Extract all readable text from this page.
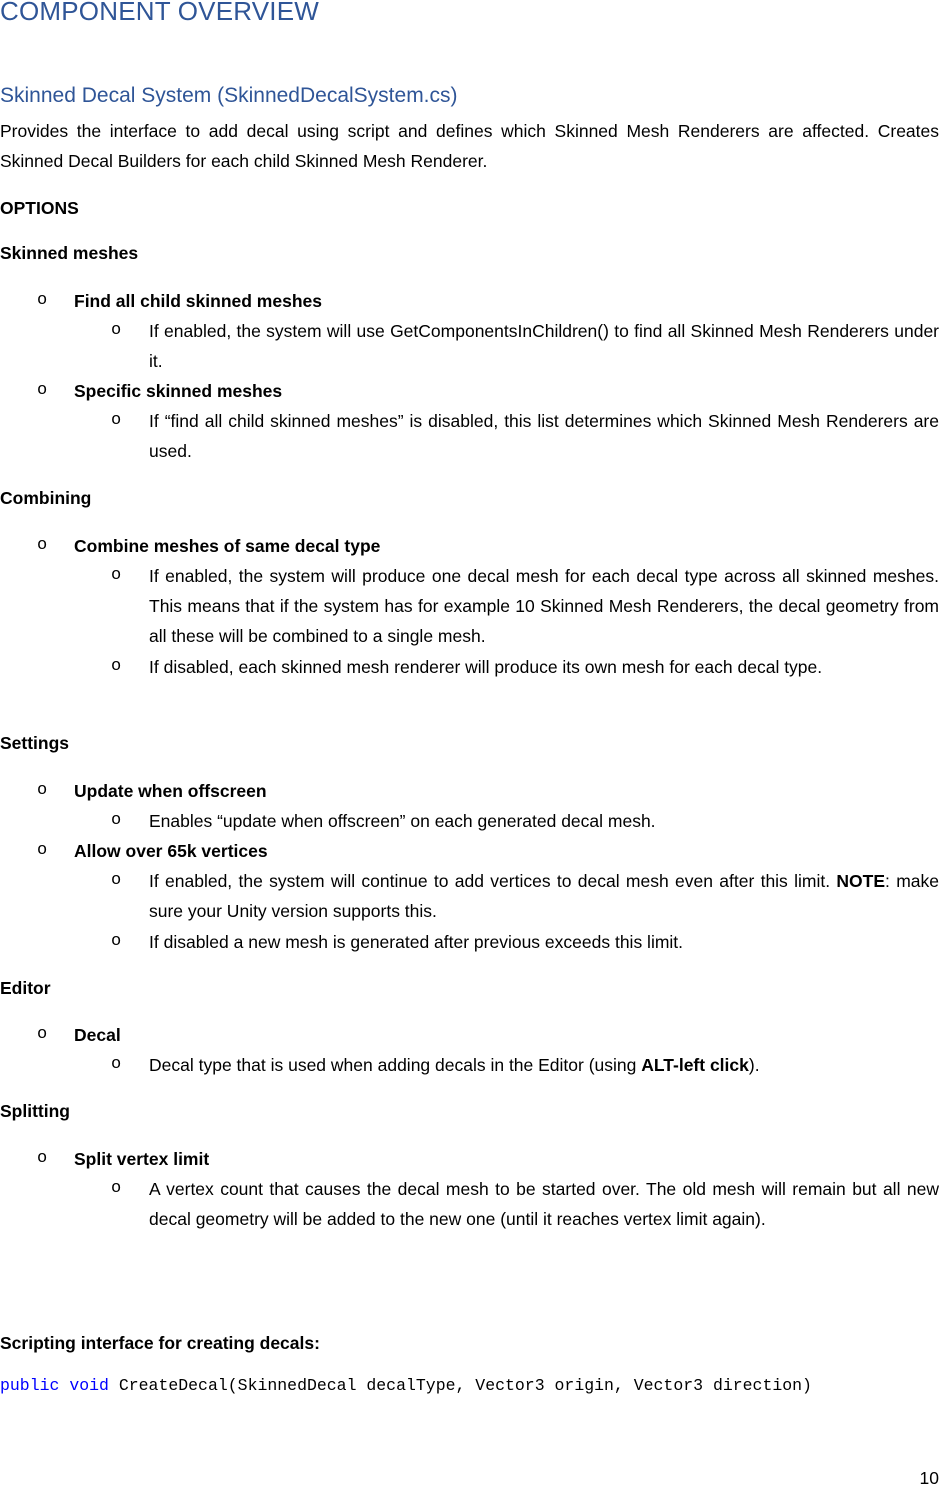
COMPONENT OVERVIEW
Skinned Decal System (SkinnedDecalSystem.cs)
Provides the interface to add decal using script and defines which Skinned Mesh Renderers are affected. Creates Skinned Decal Builders for each child Skinned Mesh Renderer.
OPTIONS
Skinned meshes
o Find all child skinned meshes
o If enabled, the system will use GetComponentsInChildren() to find all Skinned Mesh Renderers under it.
o Specific skinned meshes
o If “find all child skinned meshes” is disabled, this list determines which Skinned Mesh Renderers are used.
Combining
o Combine meshes of same decal type
o If enabled, the system will produce one decal mesh for each decal type across all skinned meshes. This means that if the system has for example 10 Skinned Mesh Renderers, the decal geometry from all these will be combined to a single mesh.
o If disabled, each skinned mesh renderer will produce its own mesh for each decal type.
Settings
o Update when offscreen
o Enables “update when offscreen” on each generated decal mesh.
o Allow over 65k vertices
o If enabled, the system will continue to add vertices to decal mesh even after this limit. NOTE: make sure your Unity version supports this.
o If disabled a new mesh is generated after previous exceeds this limit.
Editor
o Decal
o Decal type that is used when adding decals in the Editor (using ALT-left click).
Splitting
o Split vertex limit
o A vertex count that causes the decal mesh to be started over. The old mesh will remain but all new decal geometry will be added to the new one (until it reaches vertex limit again).
Scripting interface for creating decals:
public void CreateDecal(SkinnedDecal decalType, Vector3 origin, Vector3 direction)
10
